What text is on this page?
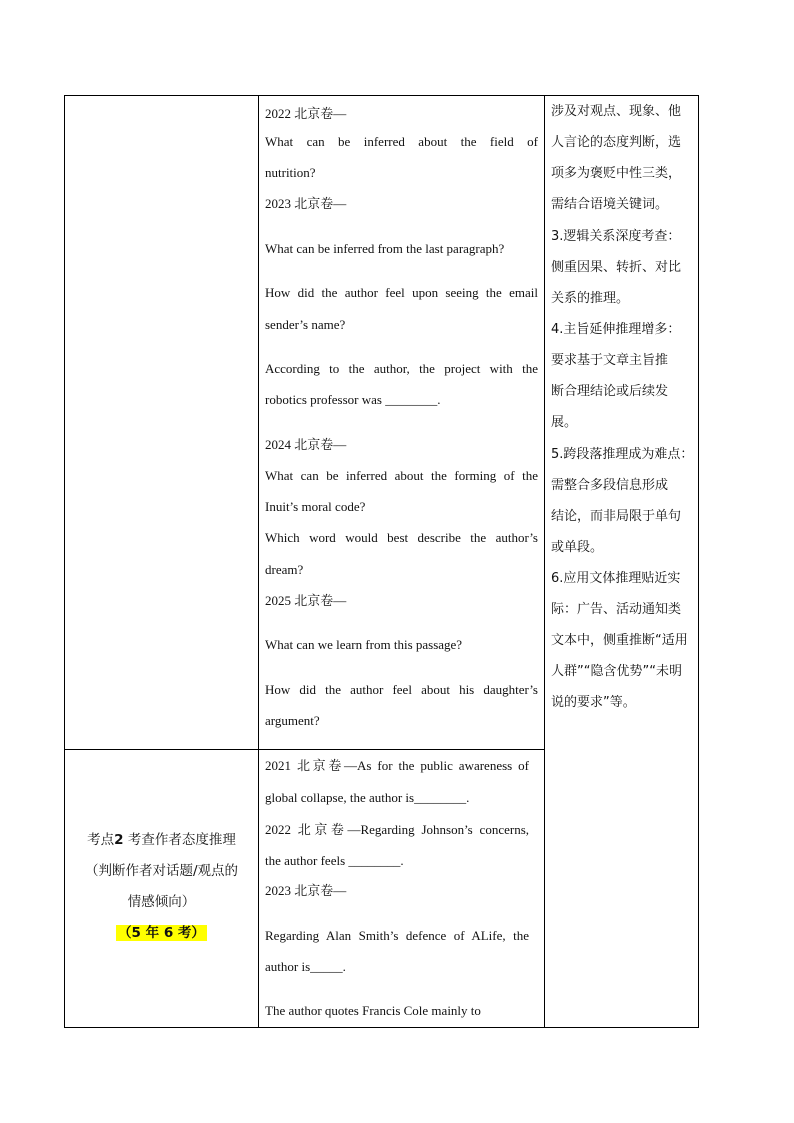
2022 北京卷—
What can be inferred about the field of
nutrition?
2023 北京卷—
What can be inferred from the last paragraph?
How did the author feel upon seeing the email
sender’s name?
According to the author, the project with the
robotics professor was ________.
2024 北京卷—
What can be inferred about the forming of the
Inuit’s moral code?
Which word would best describe the author’s
dream?
2025 北京卷—
What can we learn from this passage?
How did the author feel about his daughter’s
argument?
2021 北京卷—As for the public awareness of
global collapse, the author is________.
2022 北京卷—Regarding Johnson’s concerns,
the author feels ________.
2023 北京卷—
Regarding Alan Smith’s defence of ALife, the
author is_____.
The author quotes Francis Cole mainly to
涉及对观点、现象、他
人言论的态度判断，选
项多为褒贬中性三类，
需结合语境关键词。
3.逻辑关系深度考查：
侧重因果、转折、对比
关系的推理。
4.主旨延伸推理增多：
要求基于文章主旨推
断合理结论或后续发
展。
5.跨段落推理成为难点：
需整合多段信息形成
结论，而非局限于单句
或单段。
6.应用文体推理贴近实
际：广告、活动通知类
文本中，侧重推断“适用
人群”“隐含优势”“未明
说的要求”等。
考点2 考查作者态度推理
（判断作者对话题/观点的
情感倾向）
（5 年 6 考）
